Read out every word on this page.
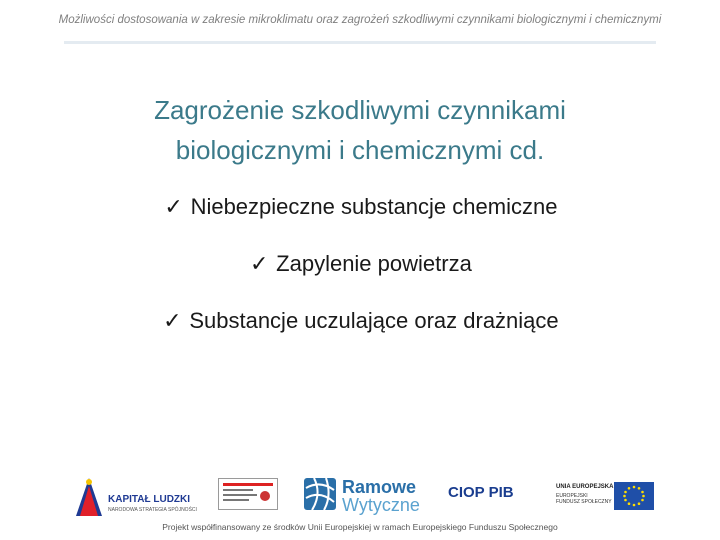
Możliwości dostosowania w zakresie mikroklimatu oraz zagrożeń szkodliwymi czynnikami biologicznymi i chemicznymi
Zagrożenie szkodliwymi czynnikami
biologicznymi i chemicznymi cd.
✓ Niebezpieczne substancje chemiczne
✓ Zapylenie powietrza
✓ Substancje uczulające oraz drażniące
KAPITAŁ LUDZKI
NARODOWA STRATEGIA SPÓJNOŚCI
Ramowe
Wytyczne
CIOP PIB	UNIA EUROPEJSKA
EUROPEJSKI FUNDUSZ SPOŁECZNY
Projekt współfinansowany ze środków Unii Europejskiej w ramach Europejskiego Funduszu Społecznego
